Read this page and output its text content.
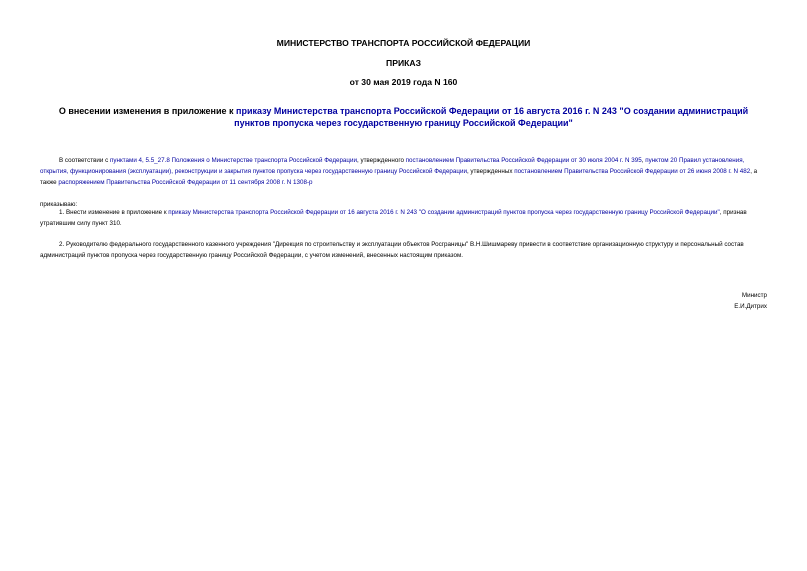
МИНИСТЕРСТВО ТРАНСПОРТА РОССИЙСКОЙ ФЕДЕРАЦИИ
ПРИКАЗ
от 30 мая 2019 года N 160
О внесении изменения в приложение к приказу Министерства транспорта Российской Федерации от 16 августа 2016 г. N 243 "О создании администраций пунктов пропуска через государственную границу Российской Федерации"
В соответствии с пунктами 4, 5.5_27.8 Положения о Министерстве транспорта Российской Федерации, утвержденного постановлением Правительства Российской Федерации от 30 июля 2004 г. N 395, пунктом 20 Правил установления, открытия, функционирования (эксплуатации), реконструкции и закрытия пунктов пропуска через государственную границу Российской Федерации, утвержденных постановлением Правительства Российской Федерации от 26 июня 2008 г. N 482, а также распоряжением Правительства Российской Федерации от 11 сентября 2008 г. N 1308-р
приказываю:
1. Внести изменение в приложение к приказу Министерства транспорта Российской Федерации от 16 августа 2016 г. N 243 "О создании администраций пунктов пропуска через государственную границу Российской Федерации", признав утратившим силу пункт 310.
2. Руководителю федерального государственного казенного учреждения "Дирекция по строительству и эксплуатации объектов Росграницы" В.Н.Шишмареву привести в соответствие организационную структуру и персональный состав администраций пунктов пропуска через государственную границу Российской Федерации, с учетом изменений, внесенных настоящим приказом.
Министр
Е.И.Дитрих
